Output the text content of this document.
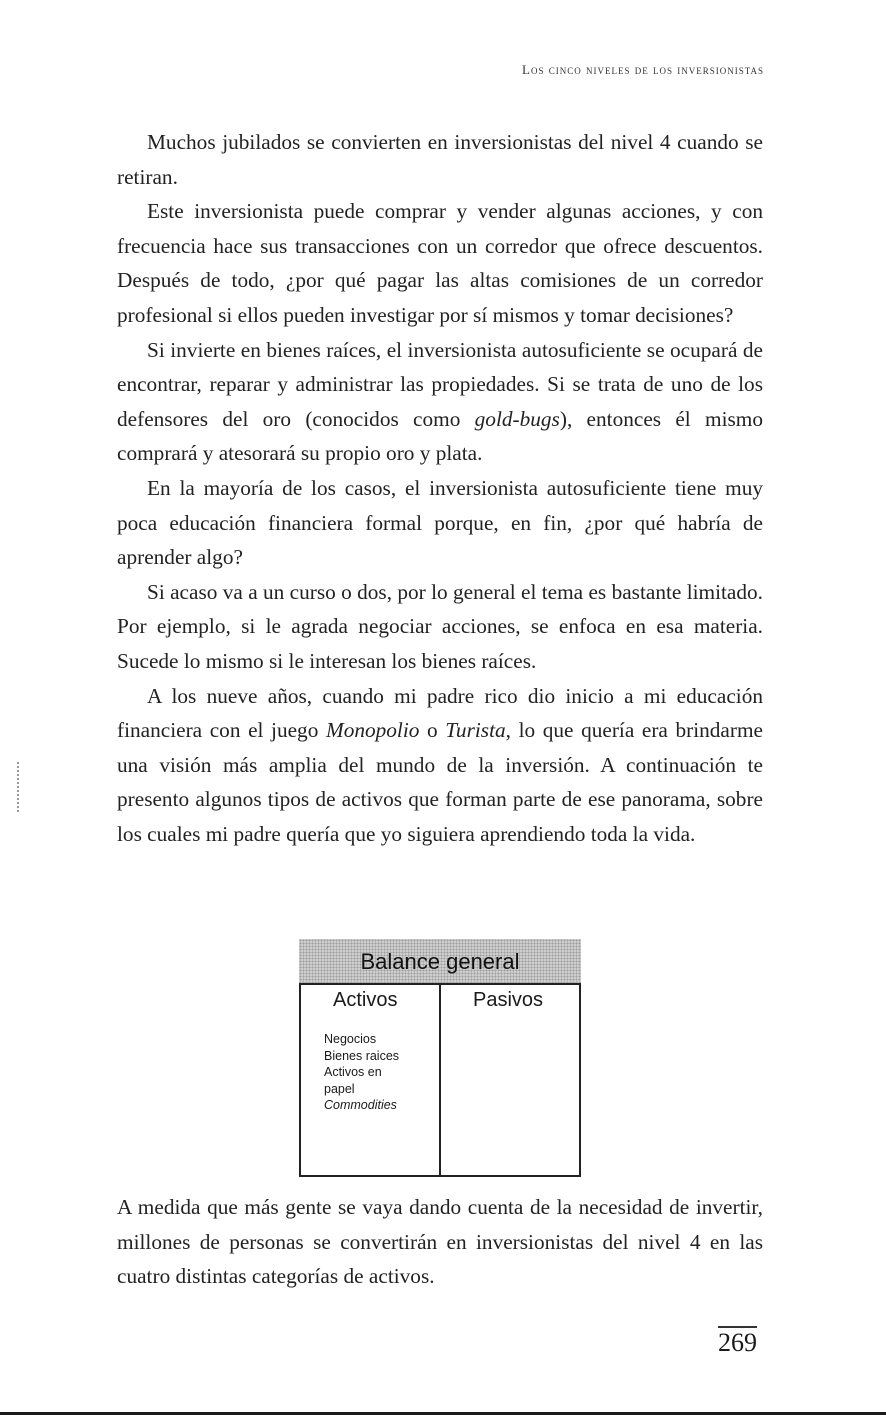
Los cinco niveles de los inversionistas

Muchos jubilados se convierten en inversionistas del nivel 4 cuando se retiran.

Este inversionista puede comprar y vender algunas acciones, y con frecuencia hace sus transacciones con un corredor que ofrece descuentos. Después de todo, ¿por qué pagar las altas comisiones de un corredor profesional si ellos pueden investigar por sí mismos y tomar decisiones?

Si invierte en bienes raíces, el inversionista autosuficiente se ocupará de encontrar, reparar y administrar las propiedades. Si se trata de uno de los defensores del oro (conocidos como gold-bugs), entonces él mismo comprará y atesorará su propio oro y plata.

En la mayoría de los casos, el inversionista autosuficiente tiene muy poca educación financiera formal porque, en fin, ¿por qué habría de aprender algo?

Si acaso va a un curso o dos, por lo general el tema es bastante limitado. Por ejemplo, si le agrada negociar acciones, se enfoca en esa materia. Sucede lo mismo si le interesan los bienes raíces.

A los nueve años, cuando mi padre rico dio inicio a mi educación financiera con el juego Monopolio o Turista, lo que quería era brindarme una visión más amplia del mundo de la inversión. A continuación te presento algunos tipos de activos que forman parte de ese panorama, sobre los cuales mi padre quería que yo siguiera aprendiendo toda la vida.

Balance general
Activos	Pasivos
Negocios
Bienes raices
Activos en
papel
Commodities

A medida que más gente se vaya dando cuenta de la necesidad de invertir, millones de personas se convertirán en inversionistas del nivel 4 en las cuatro distintas categorías de activos.

269
